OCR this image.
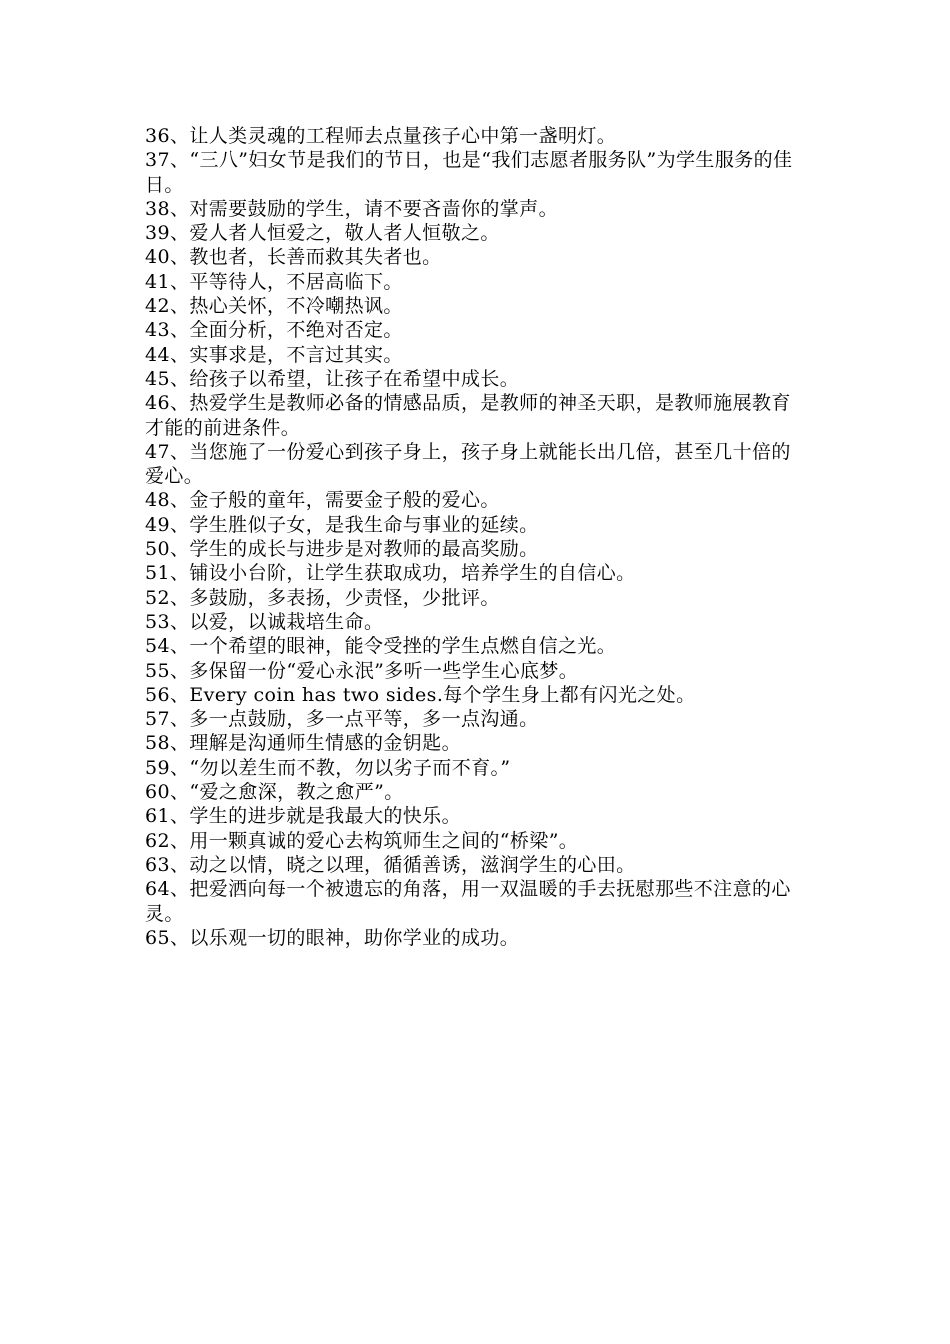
36、让人类灵魂的工程师去点量孩子心中第一盏明灯。

37、“三八”妇女节是我们的节日，也是“我们志愿者服务队”为学生服务的佳日。

38、对需要鼓励的学生，请不要吝啬你的掌声。

39、爱人者人恒爱之，敬人者人恒敬之。

40、教也者，长善而救其失者也。

41、平等待人，不居高临下。

42、热心关怀，不冷嘲热讽。

43、全面分析，不绝对否定。

44、实事求是，不言过其实。

45、给孩子以希望，让孩子在希望中成长。

46、热爱学生是教师必备的情感品质，是教师的神圣天职，是教师施展教育才能的前进条件。

47、当您施了一份爱心到孩子身上，孩子身上就能长出几倍，甚至几十倍的爱心。

48、金子般的童年，需要金子般的爱心。

49、学生胜似子女，是我生命与事业的延续。

50、学生的成长与进步是对教师的最高奖励。

51、铺设小台阶，让学生获取成功，培养学生的自信心。

52、多鼓励，多表扬，少责怪，少批评。

53、以爱，以诚栽培生命。

54、一个希望的眼神，能令受挫的学生点燃自信之光。

55、多保留一份“爱心永泯”多听一些学生心底梦。

56、Every coin has two sides.每个学生身上都有闪光之处。

57、多一点鼓励，多一点平等，多一点沟通。

58、理解是沟通师生情感的金钥匙。

59、“勿以差生而不教，勿以劣子而不育。”

60、“爱之愈深，教之愈严”。

61、学生的进步就是我最大的快乐。

62、用一颗真诚的爱心去构筑师生之间的“桥梁”。

63、动之以情，晓之以理，循循善诱，滋润学生的心田。

64、把爱洒向每一个被遗忘的角落，用一双温暖的手去抚慰那些不注意的心灵。

65、以乐观一切的眼神，助你学业的成功。
